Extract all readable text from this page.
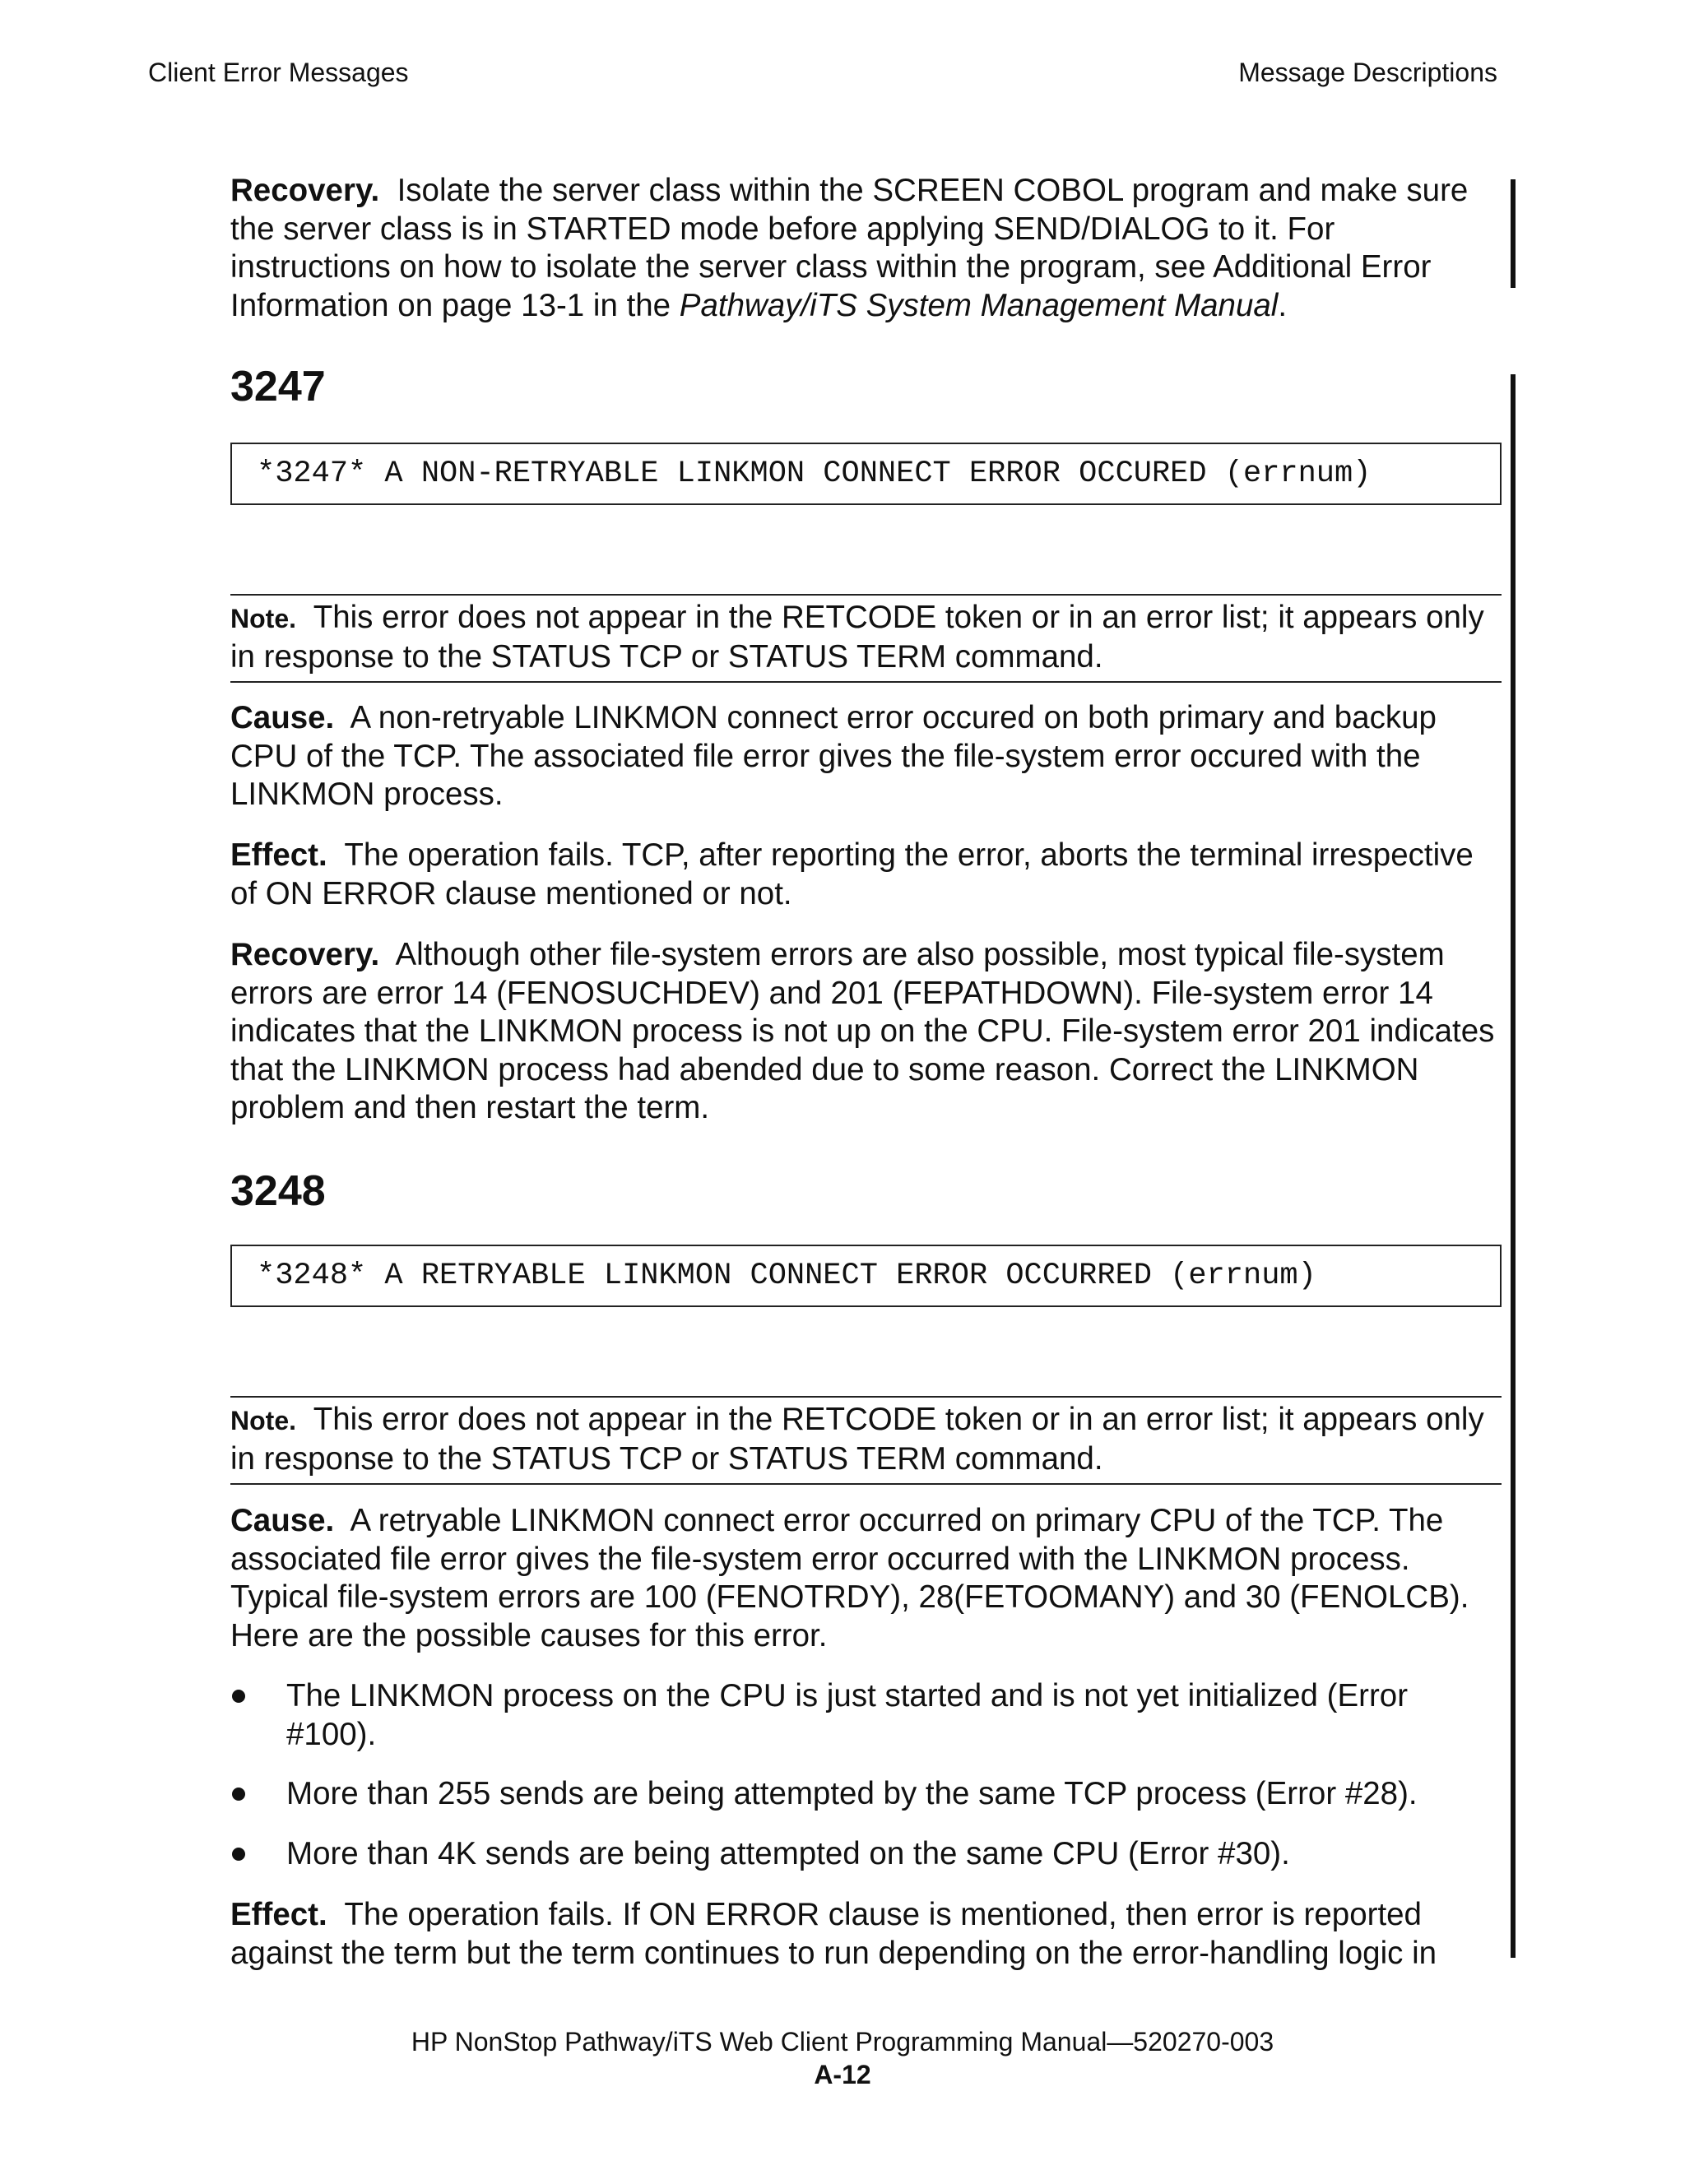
Client Error Messages	Message Descriptions

Recovery. Isolate the server class within the SCREEN COBOL program and make sure the server class is in STARTED mode before applying SEND/DIALOG to it. For instructions on how to isolate the server class within the program, see Additional Error Information on page 13-1 in the Pathway/iTS System Management Manual.

3247
*3247* A NON-RETRYABLE LINKMON CONNECT ERROR OCCURED (errnum)

Note. This error does not appear in the RETCODE token or in an error list; it appears only in response to the STATUS TCP or STATUS TERM command.

Cause. A non-retryable LINKMON connect error occured on both primary and backup CPU of the TCP. The associated file error gives the file-system error occured with the LINKMON process.

Effect. The operation fails. TCP, after reporting the error, aborts the terminal irrespective of ON ERROR clause mentioned or not.

Recovery. Although other file-system errors are also possible, most typical file-system errors are error 14 (FENOSUCHDEV) and 201 (FEPATHDOWN). File-system error 14 indicates that the LINKMON process is not up on the CPU. File-system error 201 indicates that the LINKMON process had abended due to some reason. Correct the LINKMON problem and then restart the term.

3248
*3248* A RETRYABLE LINKMON CONNECT ERROR OCCURRED (errnum)

Note. This error does not appear in the RETCODE token or in an error list; it appears only in response to the STATUS TCP or STATUS TERM command.

Cause. A retryable LINKMON connect error occurred on primary CPU of the TCP. The associated file error gives the file-system error occurred with the LINKMON process. Typical file-system errors are 100 (FENOTRDY), 28(FETOOMANY) and 30 (FENOLCB). Here are the possible causes for this error.

The LINKMON process on the CPU is just started and is not yet initialized (Error #100).
More than 255 sends are being attempted by the same TCP process (Error #28).
More than 4K sends are being attempted on the same CPU (Error #30).

Effect. The operation fails. If ON ERROR clause is mentioned, then error is reported against the term but the term continues to run depending on the error-handling logic in

HP NonStop Pathway/iTS Web Client Programming Manual—520270-003
A-12
